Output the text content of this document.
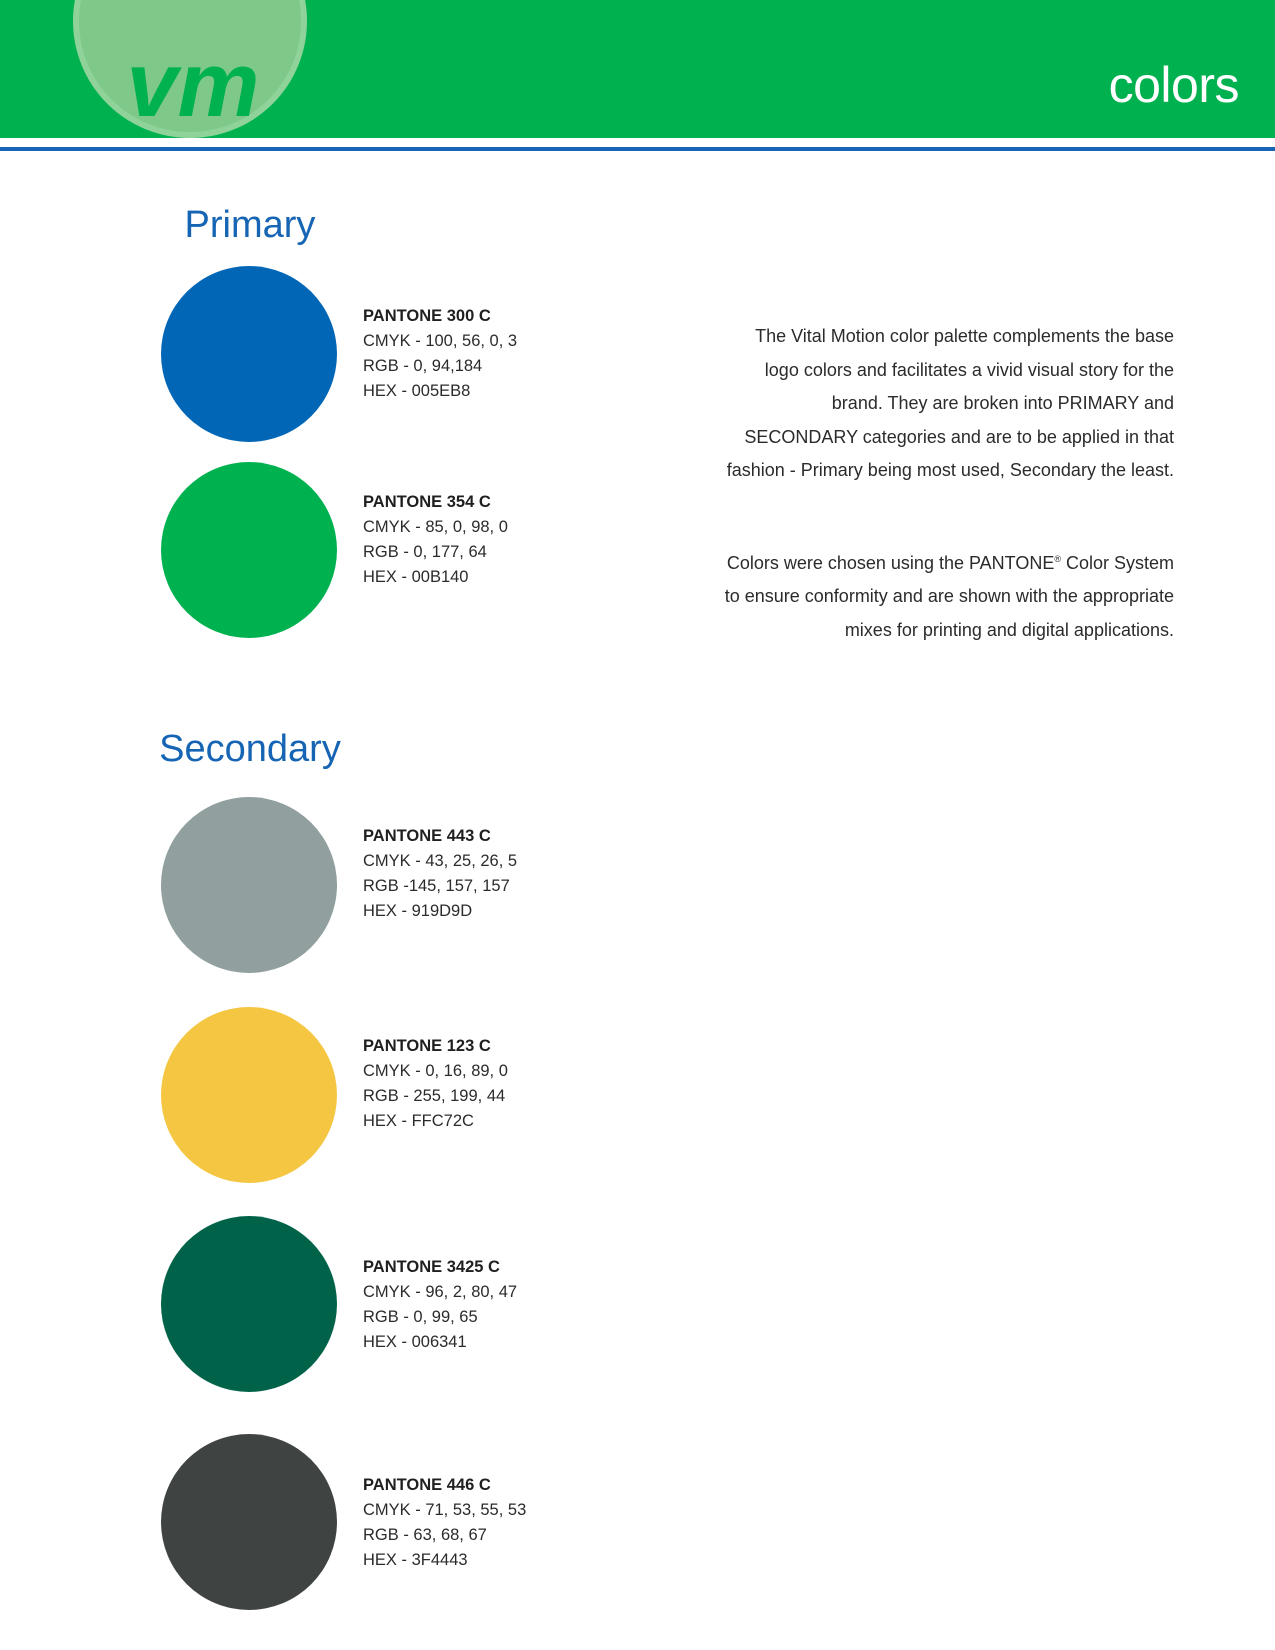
vm	colors
Primary
PANTONE 300 C
CMYK - 100, 56, 0, 3
RGB - 0, 94,184
HEX - 005EB8
PANTONE 354 C
CMYK - 85, 0, 98, 0
RGB - 0, 177, 64
HEX - 00B140
Secondary
PANTONE 443 C
CMYK - 43, 25, 26, 5
RGB -145, 157, 157
HEX - 919D9D
PANTONE 123 C
CMYK - 0, 16, 89, 0
RGB - 255, 199, 44
HEX - FFC72C
PANTONE 3425 C
CMYK - 96, 2, 80, 47
RGB - 0, 99, 65
HEX - 006341
PANTONE 446 C
CMYK - 71, 53, 55, 53
RGB - 63, 68, 67
HEX - 3F4443

The Vital Motion color palette complements the base logo colors and facilitates a vivid visual story for the brand. They are broken into PRIMARY and SECONDARY categories and are to be applied in that fashion - Primary being most used, Secondary the least.

Colors were chosen using the PANTONE® Color System to ensure conformity and are shown with the appropriate mixes for printing and digital applications.
